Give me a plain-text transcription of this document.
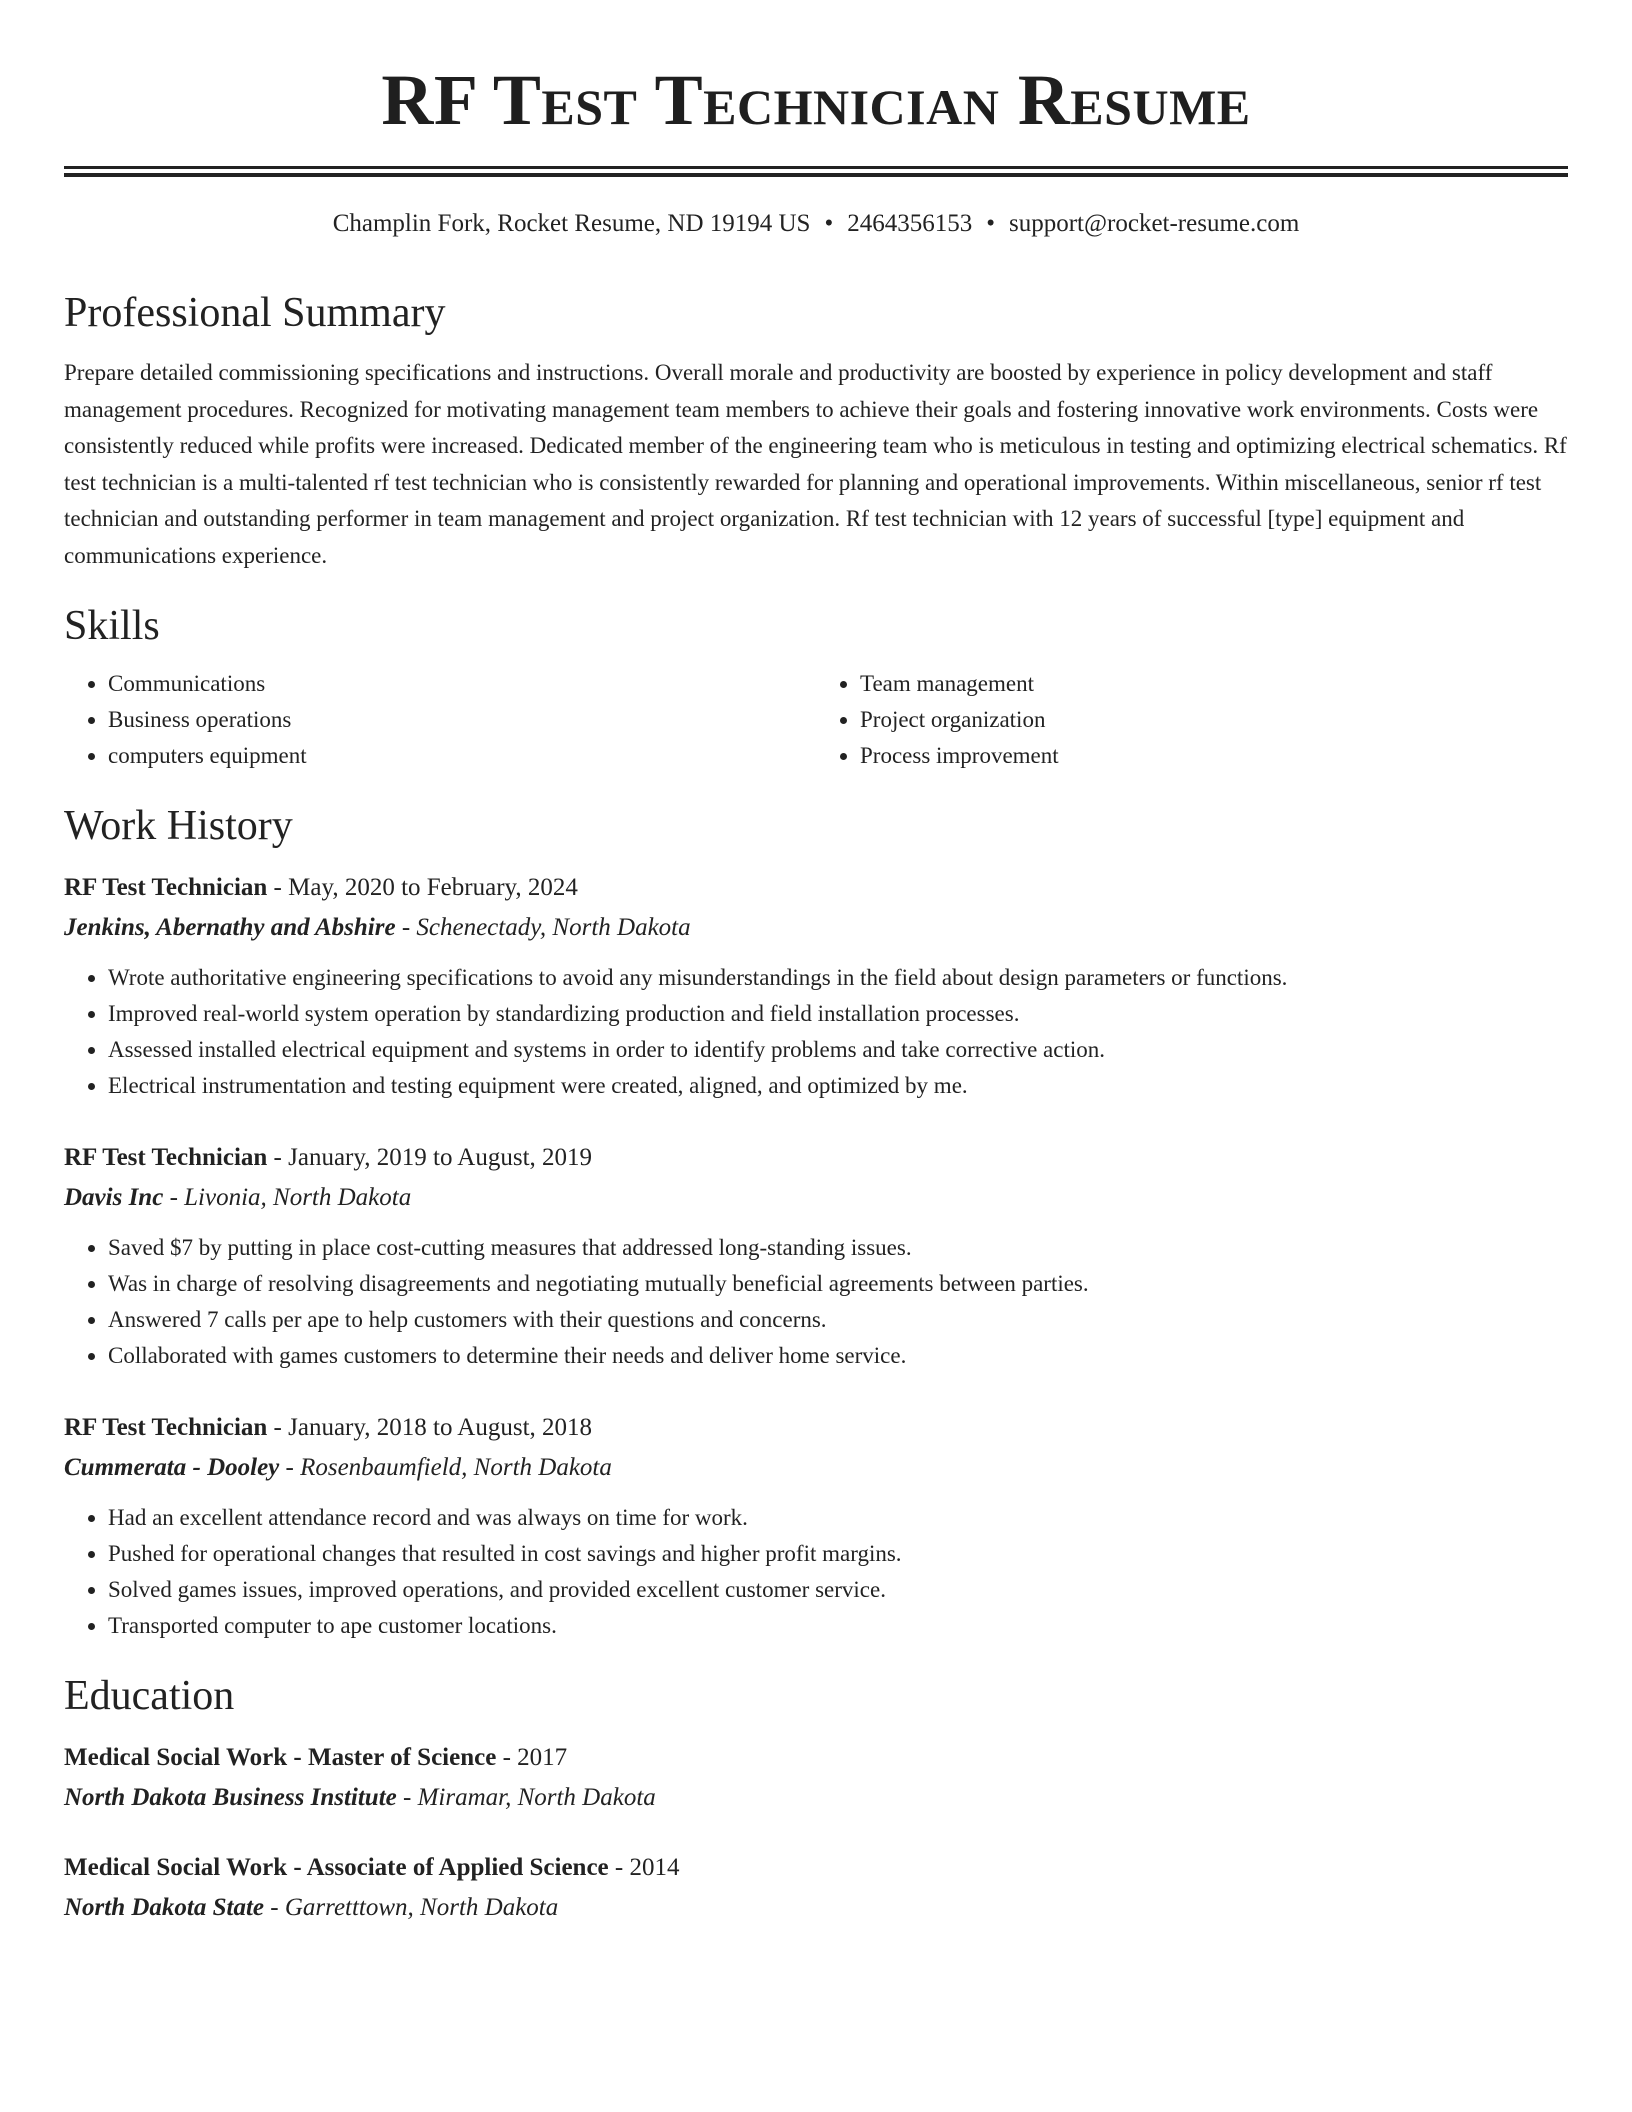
RF Test Technician Resume
Champlin Fork, Rocket Resume, ND 19194 US • 2464356153 • support@rocket-resume.com
Professional Summary

Prepare detailed commissioning specifications and instructions. Overall morale and productivity are boosted by experience in policy development and staff management procedures. Recognized for motivating management team members to achieve their goals and fostering innovative work environments. Costs were consistently reduced while profits were increased. Dedicated member of the engineering team who is meticulous in testing and optimizing electrical schematics. Rf test technician is a multi-talented rf test technician who is consistently rewarded for planning and operational improvements. Within miscellaneous, senior rf test technician and outstanding performer in team management and project organization. Rf test technician with 12 years of successful [type] equipment and communications experience.

Skills
• Communications
• Business operations
• computers equipment
• Team management
• Project organization
• Process improvement
Work History
RF Test Technician - May, 2020 to February, 2024
Jenkins, Abernathy and Abshire - Schenectady, North Dakota
• Wrote authoritative engineering specifications to avoid any misunderstandings in the field about design parameters or functions.
• Improved real-world system operation by standardizing production and field installation processes.
• Assessed installed electrical equipment and systems in order to identify problems and take corrective action.
• Electrical instrumentation and testing equipment were created, aligned, and optimized by me.
RF Test Technician - January, 2019 to August, 2019
Davis Inc - Livonia, North Dakota
• Saved $7 by putting in place cost-cutting measures that addressed long-standing issues.
• Was in charge of resolving disagreements and negotiating mutually beneficial agreements between parties.
• Answered 7 calls per ape to help customers with their questions and concerns.
• Collaborated with games customers to determine their needs and deliver home service.
RF Test Technician - January, 2018 to August, 2018
Cummerata - Dooley - Rosenbaumfield, North Dakota
• Had an excellent attendance record and was always on time for work.
• Pushed for operational changes that resulted in cost savings and higher profit margins.
• Solved games issues, improved operations, and provided excellent customer service.
• Transported computer to ape customer locations.
Education
Medical Social Work - Master of Science - 2017
North Dakota Business Institute - Miramar, North Dakota
Medical Social Work - Associate of Applied Science - 2014
North Dakota State - Garretttown, North Dakota
